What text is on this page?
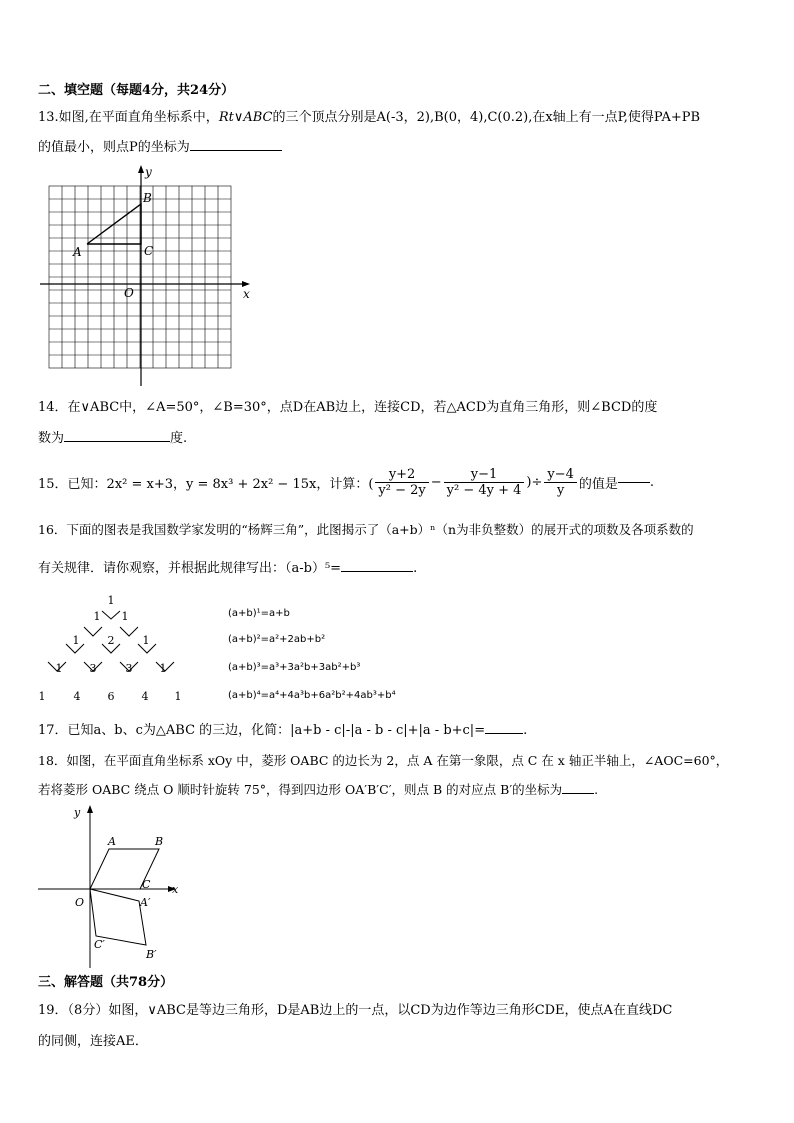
二、填空题（每题4分，共24分）
13.如图,在平面直角坐标系中，Rt∨ABC的三个顶点分别是A(-3，2),B(0，4),C(0.2),在x轴上有一点P,使得PA+PB
的值最小，则点P的坐标为
y
x
A
B
C
O
14．在∨ABC中，∠A=50°，∠B=30°，点D在AB边上，连接CD，若△ACD为直角三角形，则∠BCD的度
数为	度.
15．已知：2x² = x+3，y = 8x³ + 2x² − 15x，计算：( $\frac{y+2}{\text{y² − 2y}} - \frac{y-1}{\text{y² − 4y + 4}}$ )÷ $\frac{y-4}{y}$ 的值是 .
16．下面的图表是我国数学家发明的“杨辉三角”，此图揭示了（a+b）ⁿ（n为非负整数）的展开式的项数及各项系数的
有关规律．请你观察，并根据此规律写出：（a-b）⁵=	.
1
1 1
1	2	1
1 3	3 1
1	4 6 4 1
(a+b)¹=a+b
(a+b)²=a²+2ab+b²
(a+b)³=a³+3a²b+3ab²+b³
(a+b)⁴=a⁴+4a³b+6a²b²+4ab³+b⁴
17．已知a、b、c为△ABC 的三边，化简：|a+b - c|-|a - b - c|+|a - b+c|=	.
18．如图，在平面直角坐标系 xOy 中，菱形 OABC 的边长为 2，点 A 在第一象限，点 C 在 x 轴正半轴上，∠AOC=60°，
若将菱形 OABC 绕点 O 顺时针旋转 75°，得到四边形 OA′B′C′，则点 B 的对应点 B′的坐标为	.
y
x
A	B
C
O	A′
B′
C′
三、解答题（共78分）
19．（8分）如图，∨ABC是等边三角形，D是AB边上的一点，以CD为边作等边三角形CDE，使点A在直线DC
的同侧，连接AE．
